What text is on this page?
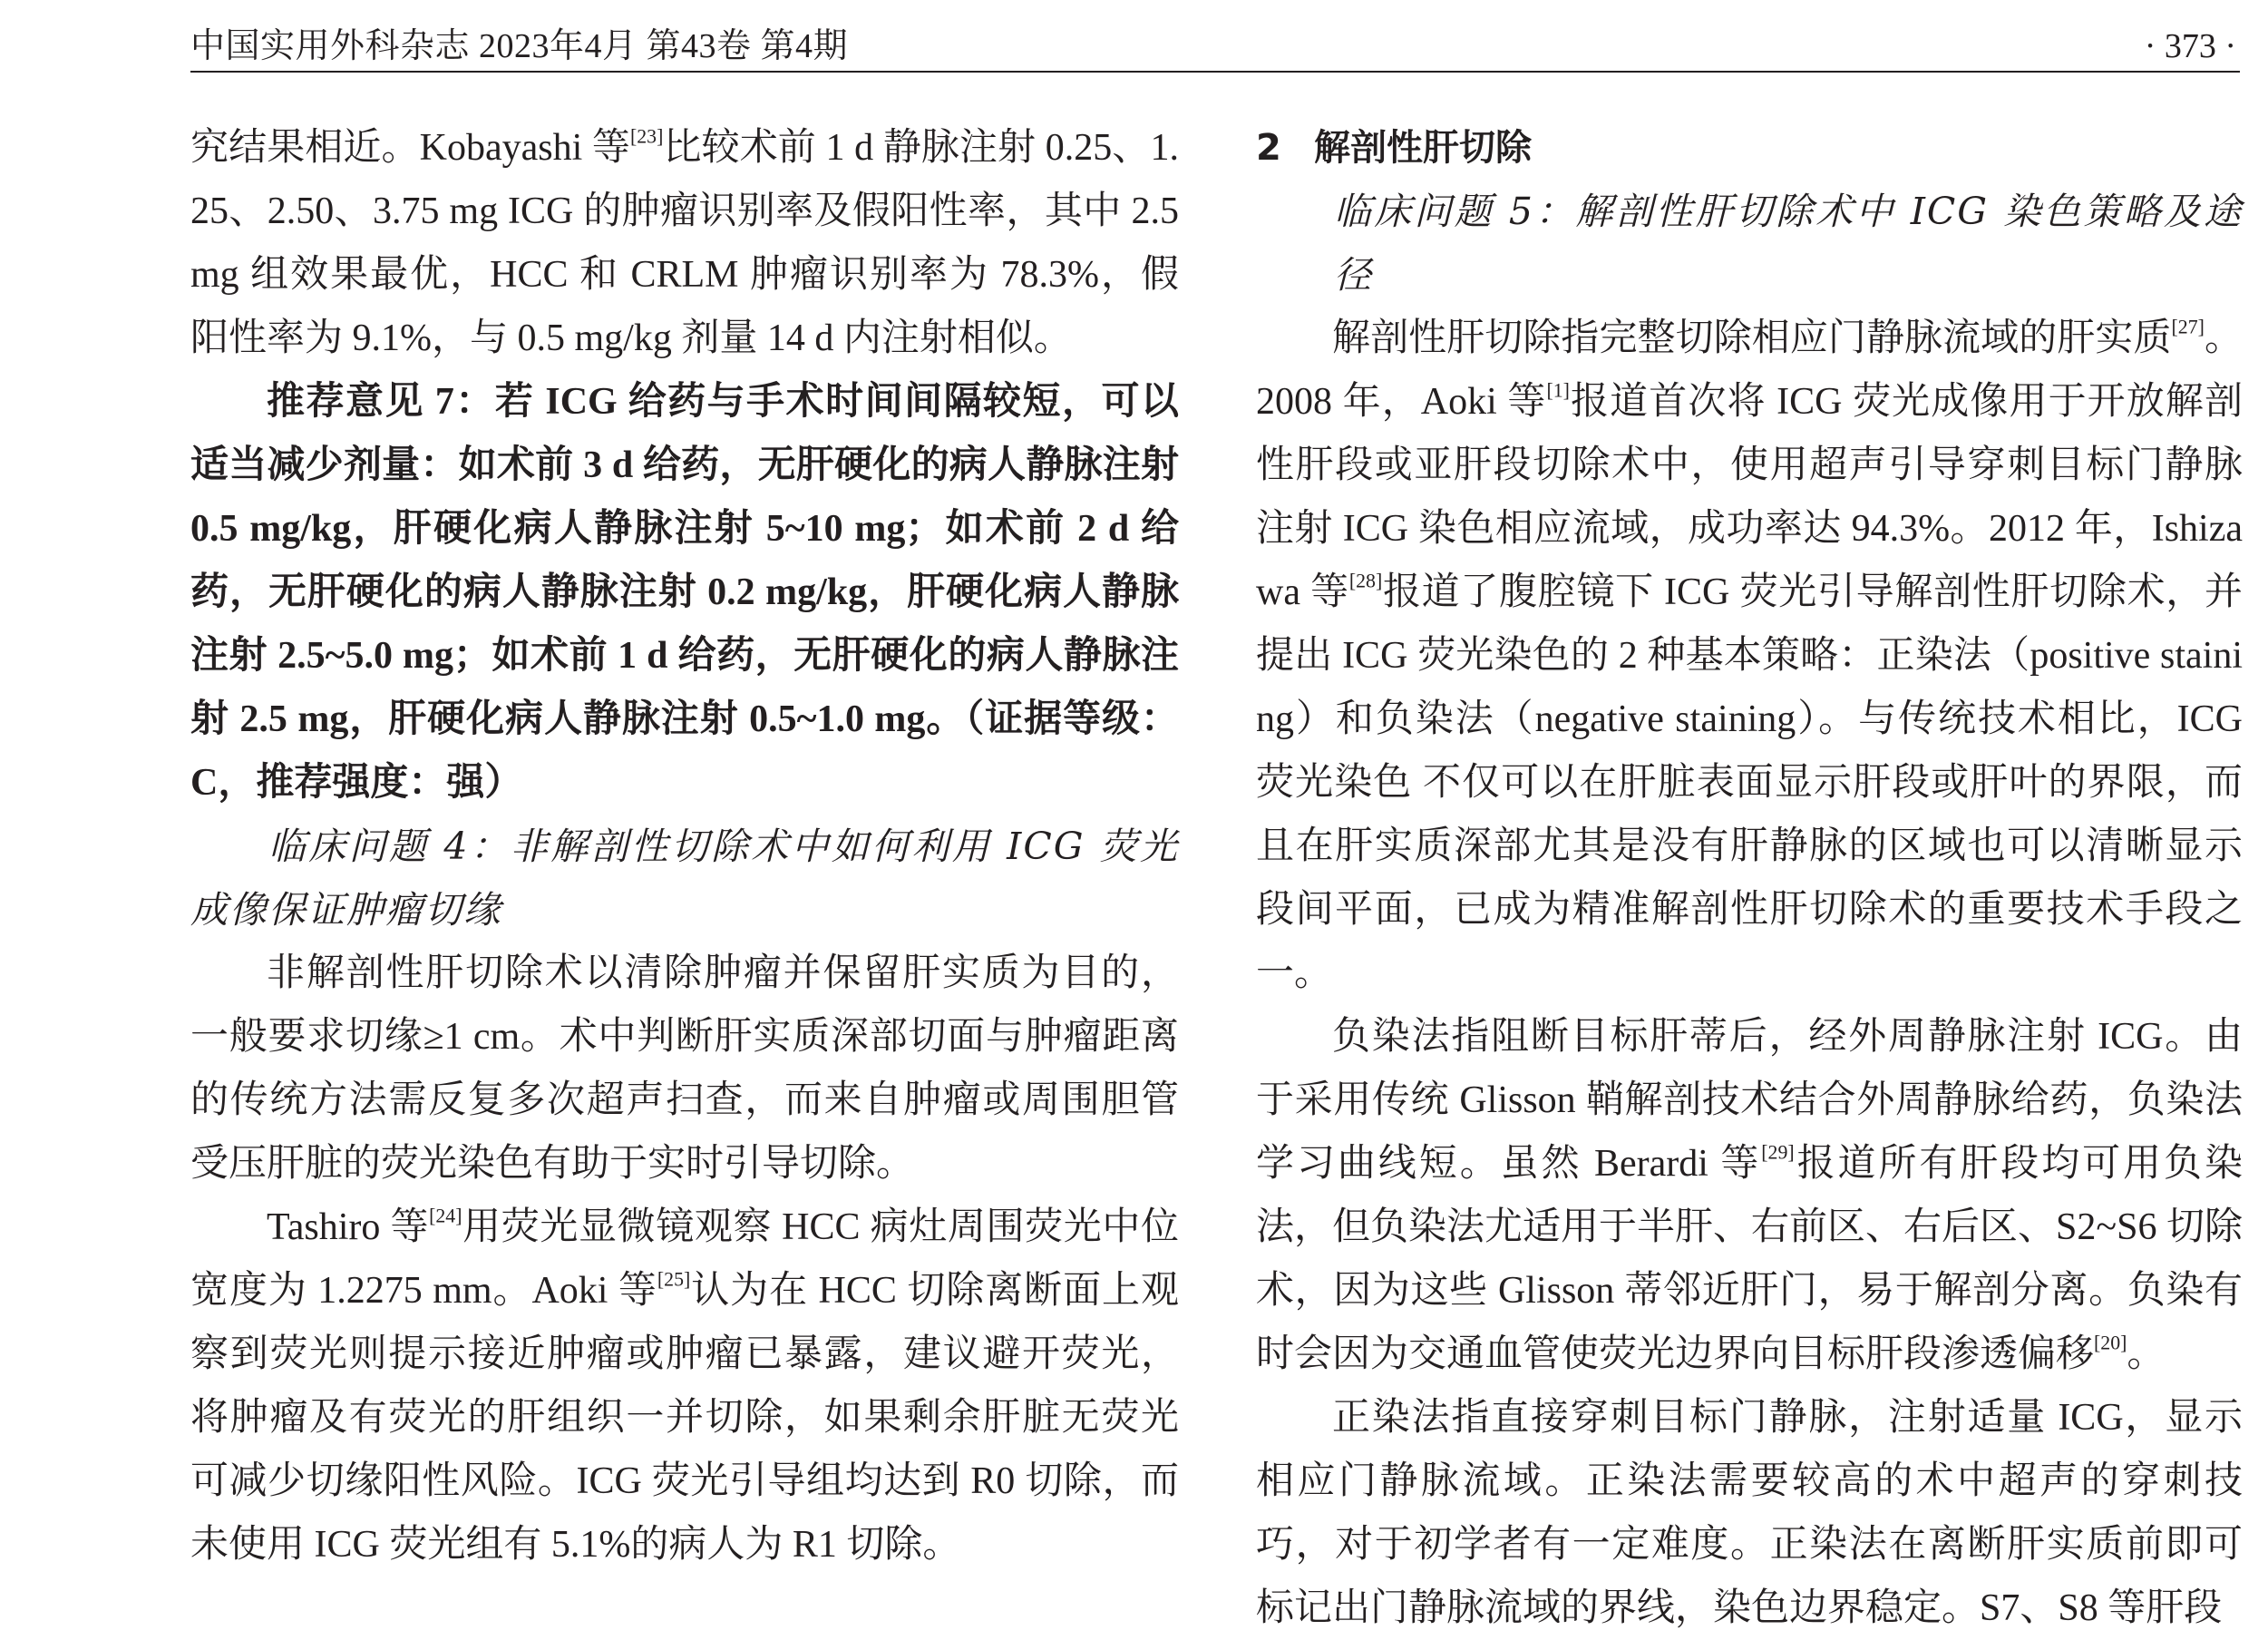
中国实用外科杂志 2023年4月 第43卷 第4期	· 373 ·

究结果相近。Kobayashi 等[23]比较术前 1 d 静脉注射 0.25、1.25、2.50、3.75 mg ICG 的肿瘤识别率及假阳性率，其中 2.5 mg 组效果最优，HCC 和 CRLM 肿瘤识别率为 78.3%，假阳性率为 9.1%，与 0.5 mg/kg 剂量 14 d 内注射相似。

推荐意见 7：若 ICG 给药与手术时间间隔较短，可以适当减少剂量：如术前 3 d 给药，无肝硬化的病人静脉注射 0.5 mg/kg，肝硬化病人静脉注射 5~10 mg；如术前 2 d 给药，无肝硬化的病人静脉注射 0.2 mg/kg，肝硬化病人静脉注射 2.5~5.0 mg；如术前 1 d 给药，无肝硬化的病人静脉注射 2.5 mg，肝硬化病人静脉注射 0.5~1.0 mg。（证据等级：C，推荐强度：强）

临床问题 4：非解剖性切除术中如何利用 ICG 荧光成像保证肿瘤切缘

非解剖性肝切除术以清除肿瘤并保留肝实质为目的，一般要求切缘≥1 cm。术中判断肝实质深部切面与肿瘤距离的传统方法需反复多次超声扫查，而来自肿瘤或周围胆管受压肝脏的荧光染色有助于实时引导切除。

Tashiro 等[24]用荧光显微镜观察 HCC 病灶周围荧光中位宽度为 1.2275 mm。Aoki 等[25]认为在 HCC 切除离断面上观察到荧光则提示接近肿瘤或肿瘤已暴露，建议避开荧光，将肿瘤及有荧光的肝组织一并切除，如果剩余肝脏无荧光可减少切缘阳性风险。ICG 荧光引导组均达到 R0 切除，而未使用 ICG 荧光组有 5.1%的病人为 R1 切除。

2 解剖性肝切除

临床问题 5：解剖性肝切除术中 ICG 染色策略及途径

解剖性肝切除指完整切除相应门静脉流域的肝实质[27]。2008 年，Aoki 等[1]报道首次将 ICG 荧光成像用于开放解剖性肝段或亚肝段切除术中，使用超声引导穿刺目标门静脉注射 ICG 染色相应流域，成功率达 94.3%。2012 年，Ishizawa 等[28]报道了腹腔镜下 ICG 荧光引导解剖性肝切除术，并提出 ICG 荧光染色的 2 种基本策略：正染法（positive staining）和负染法（negative staining）。与传统技术相比，ICG 荧光染色 不仅可以在肝脏表面显示肝段或肝叶的界限，而且在肝实质深部尤其是没有肝静脉的区域也可以清晰显示段间平面，已成为精准解剖性肝切除术的重要技术手段之一。

负染法指阻断目标肝蒂后，经外周静脉注射 ICG。由于采用传统 Glisson 鞘解剖技术结合外周静脉给药，负染法学习曲线短。虽然 Berardi 等[29]报道所有肝段均可用负染法，但负染法尤适用于半肝、右前区、右后区、S2~S6 切除术，因为这些 Glisson 蒂邻近肝门，易于解剖分离。负染有时会因为交通血管使荧光边界向目标肝段渗透偏移[20]。

正染法指直接穿刺目标门静脉，注射适量 ICG，显示相应门静脉流域。正染法需要较高的术中超声的穿刺技巧，对于初学者有一定难度。正染法在离断肝实质前即可标记出门静脉流域的界线，染色边界稳定。S7、S8 等肝段
